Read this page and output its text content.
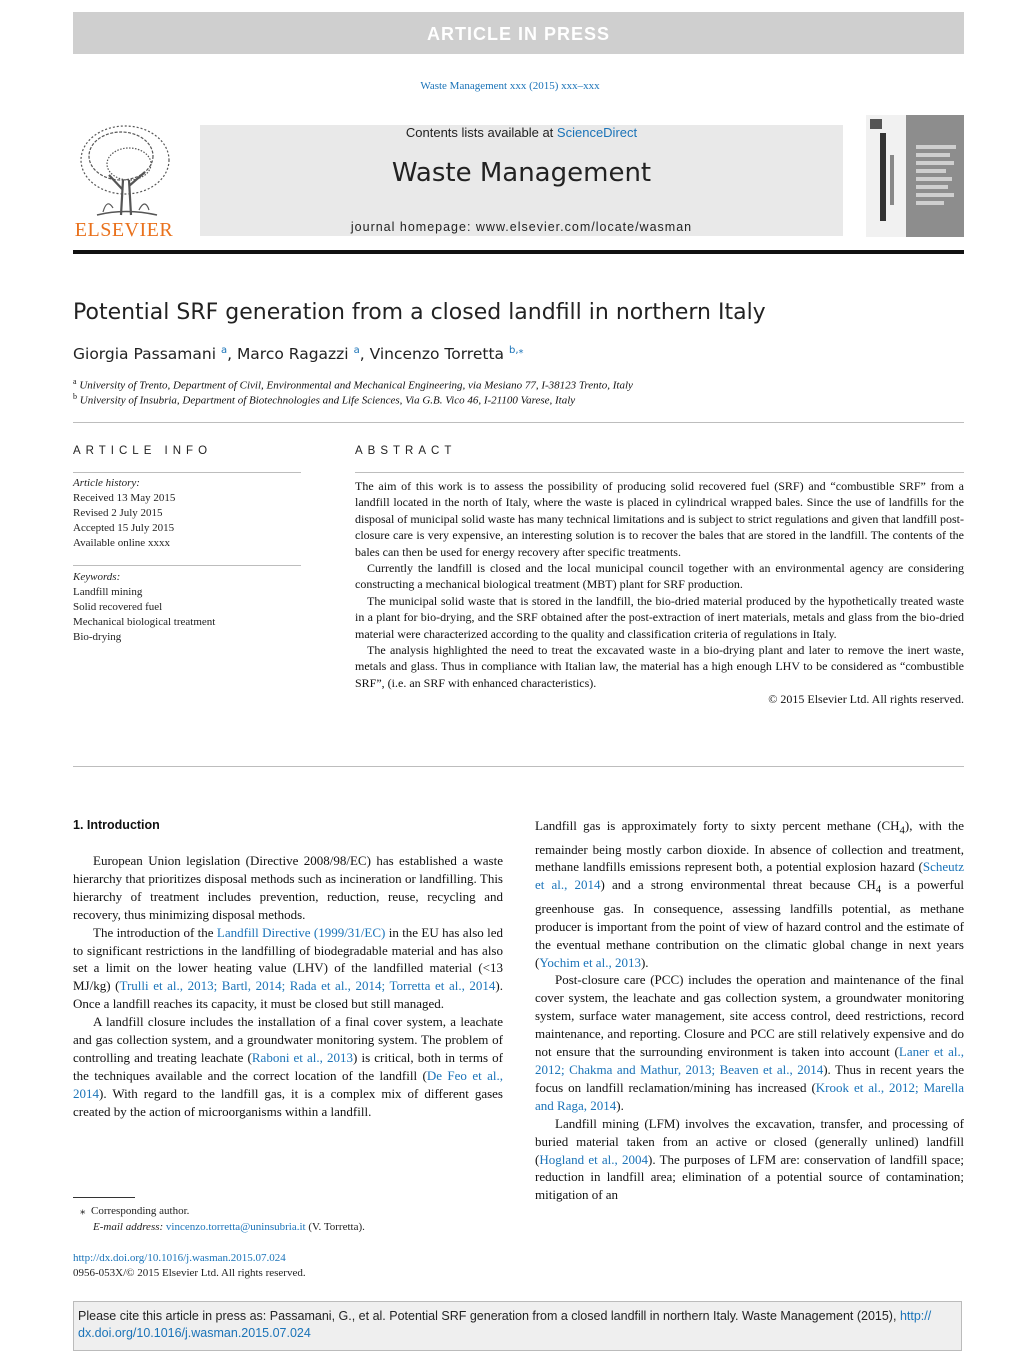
ARTICLE IN PRESS
Waste Management xxx (2015) xxx–xxx
ELSEVIER
Contents lists available at ScienceDirect
Waste Management
journal homepage: www.elsevier.com/locate/wasman
Potential SRF generation from a closed landfill in northern Italy
Giorgia Passamani $^a$, Marco Ragazzi $^a$, Vincenzo Torretta $^{b,⁎}$
$^a$ University of Trento, Department of Civil, Environmental and Mechanical Engineering, via Mesiano 77, I-38123 Trento, Italy
$^b$ University of Insubria, Department of Biotechnologies and Life Sciences, Via G.B. Vico 46, I-21100 Varese, Italy
ARTICLE INFO
Article history:
Received 13 May 2015
Revised 2 July 2015
Accepted 15 July 2015
Available online xxxx
Keywords:
Landfill mining
Solid recovered fuel
Mechanical biological treatment
Bio-drying
ABSTRACT

The aim of this work is to assess the possibility of producing solid recovered fuel (SRF) and “combustible SRF” from a landfill located in the north of Italy, where the waste is placed in cylindrical wrapped bales. Since the use of landfills for the disposal of municipal solid waste has many technical limitations and is subject to strict regulations and given that landfill post-closure care is very expensive, an interesting solution is to recover the bales that are stored in the landfill. The contents of the bales can then be used for energy recovery after specific treatments.

Currently the landfill is closed and the local municipal council together with an environmental agency are considering constructing a mechanical biological treatment (MBT) plant for SRF production.

The municipal solid waste that is stored in the landfill, the bio-dried material produced by the hypothetically treated waste in a plant for bio-drying, and the SRF obtained after the post-extraction of inert materials, metals and glass from the bio-dried material were characterized according to the quality and classification criteria of regulations in Italy.

The analysis highlighted the need to treat the excavated waste in a bio-drying plant and later to remove the inert waste, metals and glass. Thus in compliance with Italian law, the material has a high enough LHV to be considered as “combustible SRF”, (i.e. an SRF with enhanced characteristics).

© 2015 Elsevier Ltd. All rights reserved.

1. Introduction

European Union legislation (Directive 2008/98/EC) has established a waste hierarchy that prioritizes disposal methods such as incineration or landfilling. This hierarchy of treatment includes prevention, reduction, reuse, recycling and recovery, thus minimizing disposal methods.

The introduction of the Landfill Directive (1999/31/EC) in the EU has also led to significant restrictions in the landfilling of biodegradable material and has also set a limit on the lower heating value (LHV) of the landfilled material (<13 MJ/kg) (Trulli et al., 2013; Bartl, 2014; Rada et al., 2014; Torretta et al., 2014). Once a landfill reaches its capacity, it must be closed but still managed.

A landfill closure includes the installation of a final cover system, a leachate and gas collection system, and a groundwater monitoring system. The problem of controlling and treating leachate (Raboni et al., 2013) is critical, both in terms of the techniques available and the correct location of the landfill (De Feo et al., 2014). With regard to the landfill gas, it is a complex mix of different gases created by the action of microorganisms within a landfill.

Landfill gas is approximately forty to sixty percent methane $(CH_4)$, with the remainder being mostly carbon dioxide. In absence of collection and treatment, methane landfills emissions represent both, a potential explosion hazard (Scheutz et al., 2014) and a strong environmental threat because $CH_4$ is a powerful greenhouse gas. In consequence, assessing landfills potential, as methane producer is important from the point of view of hazard control and the estimate of the eventual methane contribution on the climatic global change in next years (Yochim et al., 2013).

Post-closure care (PCC) includes the operation and maintenance of the final cover system, the leachate and gas collection system, a groundwater monitoring system, surface water management, site access control, deed restrictions, record maintenance, and reporting. Closure and PCC are still relatively expensive and do not ensure that the surrounding environment is taken into account (Laner et al., 2012; Chakma and Mathur, 2013; Beaven et al., 2014). Thus in recent years the focus on landfill reclamation/mining has increased (Krook et al., 2012; Marella and Raga, 2014).

Landfill mining (LFM) involves the excavation, transfer, and processing of buried material taken from an active or closed (generally unlined) landfill (Hogland et al., 2004). The purposes of LFM are: conservation of landfill space; reduction in landfill area; elimination of a potential source of contamination; mitigation of an

⁎ Corresponding author.
E-mail address: vincenzo.torretta@uninsubria.it (V. Torretta).
http://dx.doi.org/10.1016/j.wasman.2015.07.024
0956-053X/© 2015 Elsevier Ltd. All rights reserved.
Please cite this article in press as: Passamani, G., et al. Potential SRF generation from a closed landfill in northern Italy. Waste Management (2015), http://
dx.doi.org/10.1016/j.wasman.2015.07.024
